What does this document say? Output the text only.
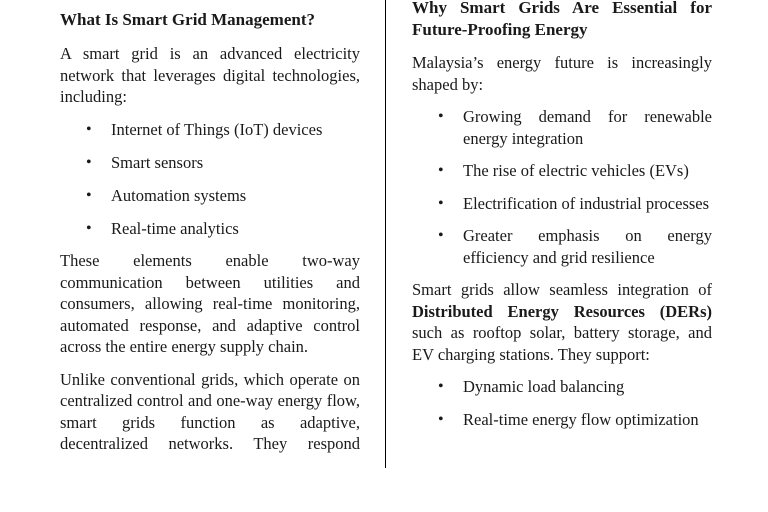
What Is Smart Grid Management?

A smart grid is an advanced electricity network that leverages digital technologies, including:

• Internet of Things (IoT) devices
• Smart sensors
• Automation systems
• Real-time analytics

These elements enable two-way communication between utilities and consumers, allowing real-time monitoring, automated response, and adaptive control across the entire energy supply chain.

Unlike conventional grids, which operate on centralized control and one-way energy flow, smart grids function as adaptive, decentralized networks. They respond

Why Smart Grids Are Essential for Future-Proofing Energy

Malaysia’s energy future is increasingly shaped by:

• Growing demand for renewable energy integration
• The rise of electric vehicles (EVs)
• Electrification of industrial processes
• Greater emphasis on energy efficiency and grid resilience

Smart grids allow seamless integration of Distributed Energy Resources (DERs) such as rooftop solar, battery storage, and EV charging stations. They support:

• Dynamic load balancing
• Real-time energy flow optimization
